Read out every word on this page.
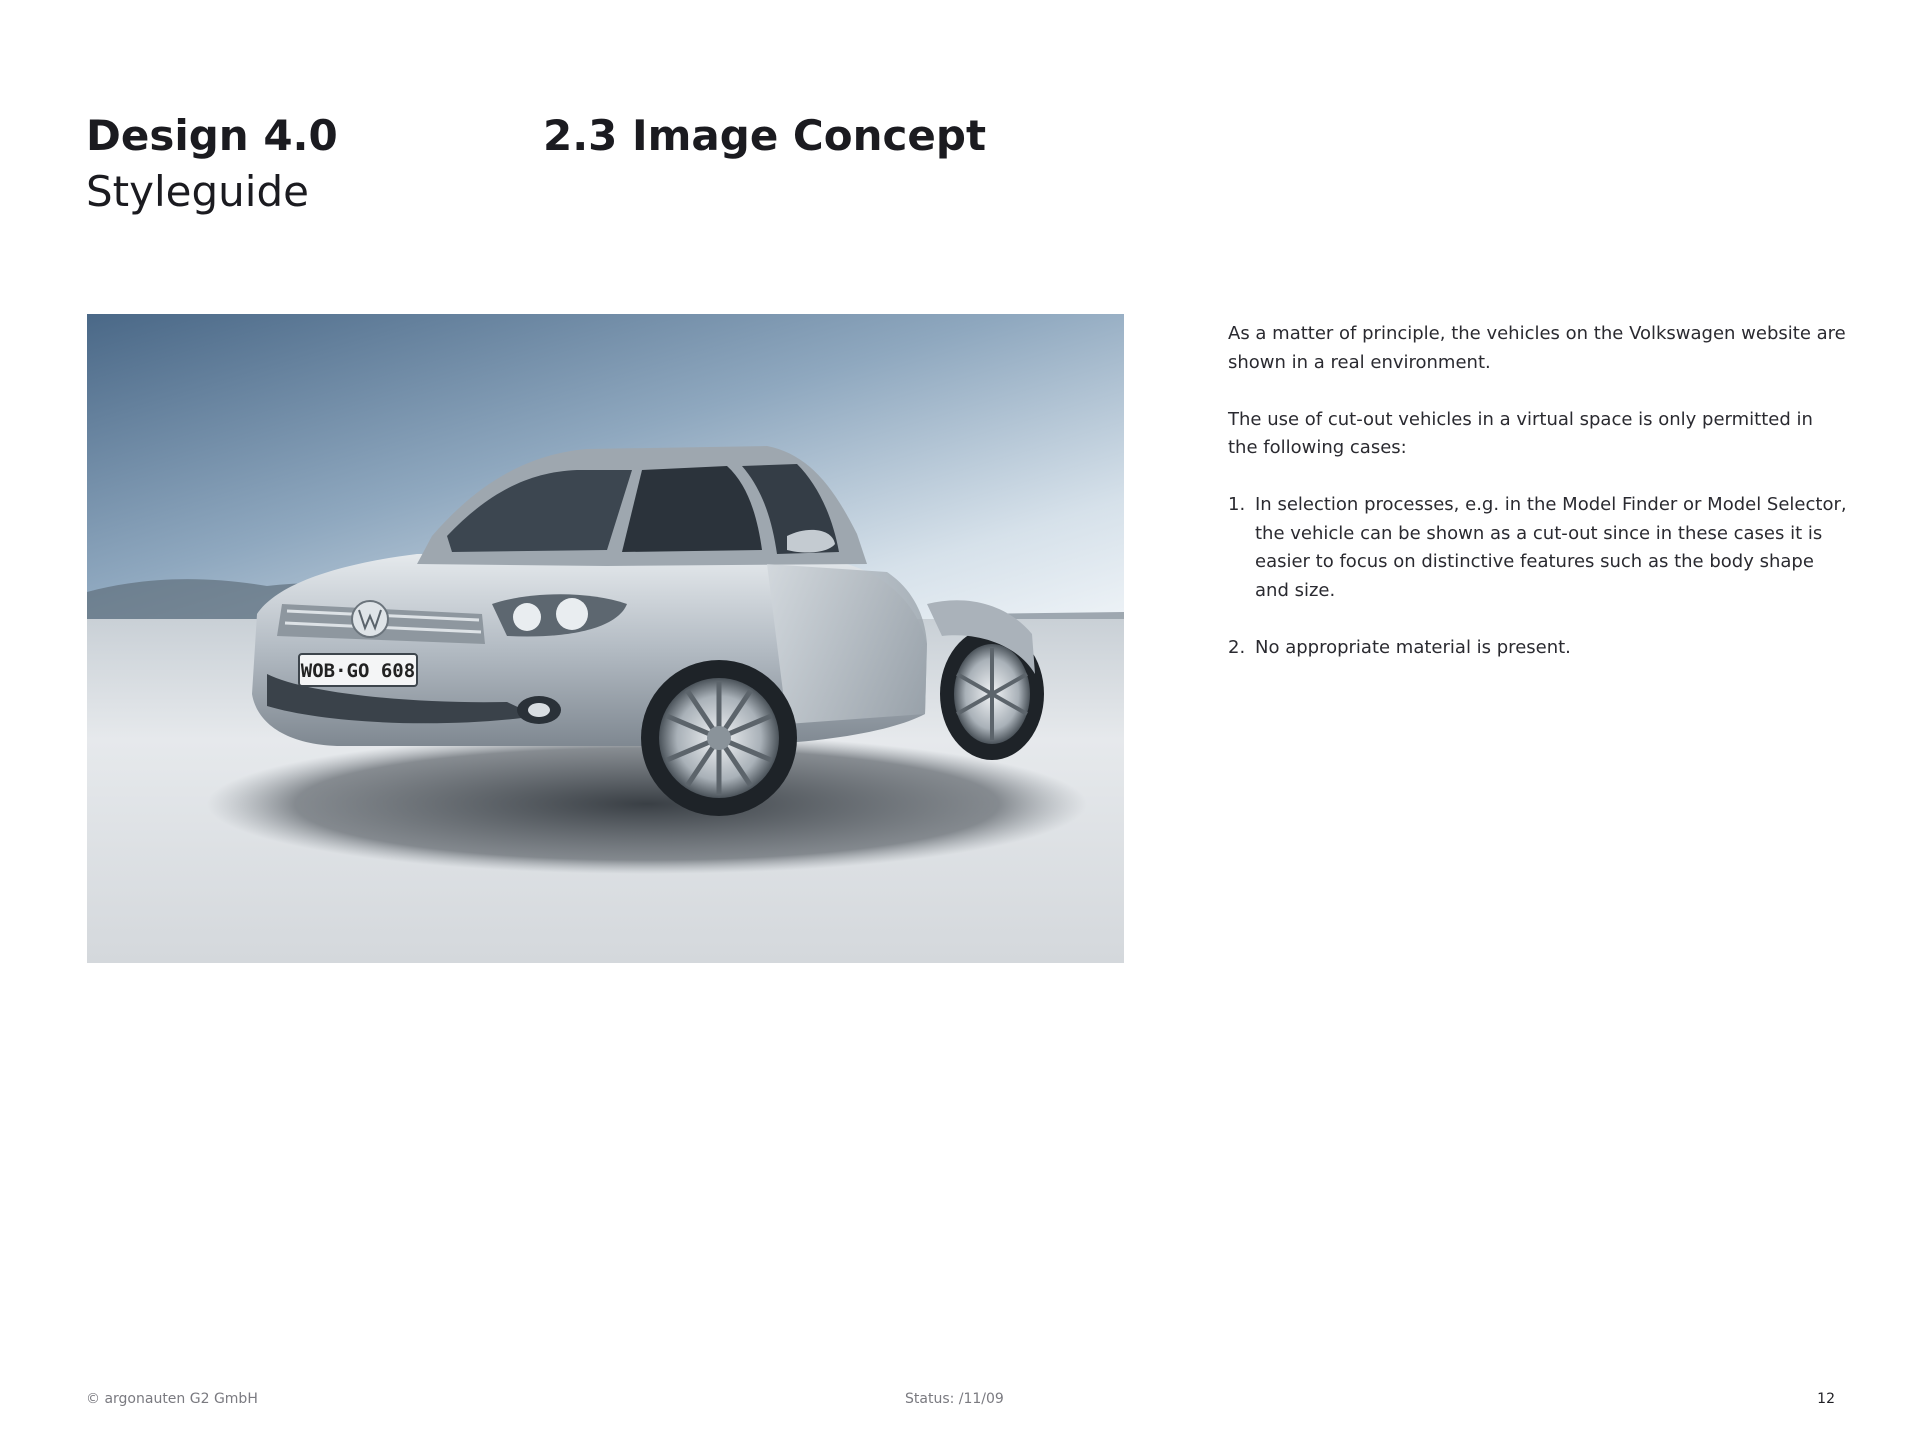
Design 4.0
Styleguide
2.3 Image Concept
WOB·GO 608

As a matter of principle, the vehicles on the Volkswagen website are shown in a real environment.

The use of cut-out vehicles in a virtual space is only permitted in the following cases:

1. In selection processes, e.g. in the Model Finder or Model Selector, the vehicle can be shown as a cut-out since in these cases it is easier to focus on distinctive features such as the body shape and size.
2. No appropriate material is present.
© argonauten G2 GmbH	Status: /11/09	12
